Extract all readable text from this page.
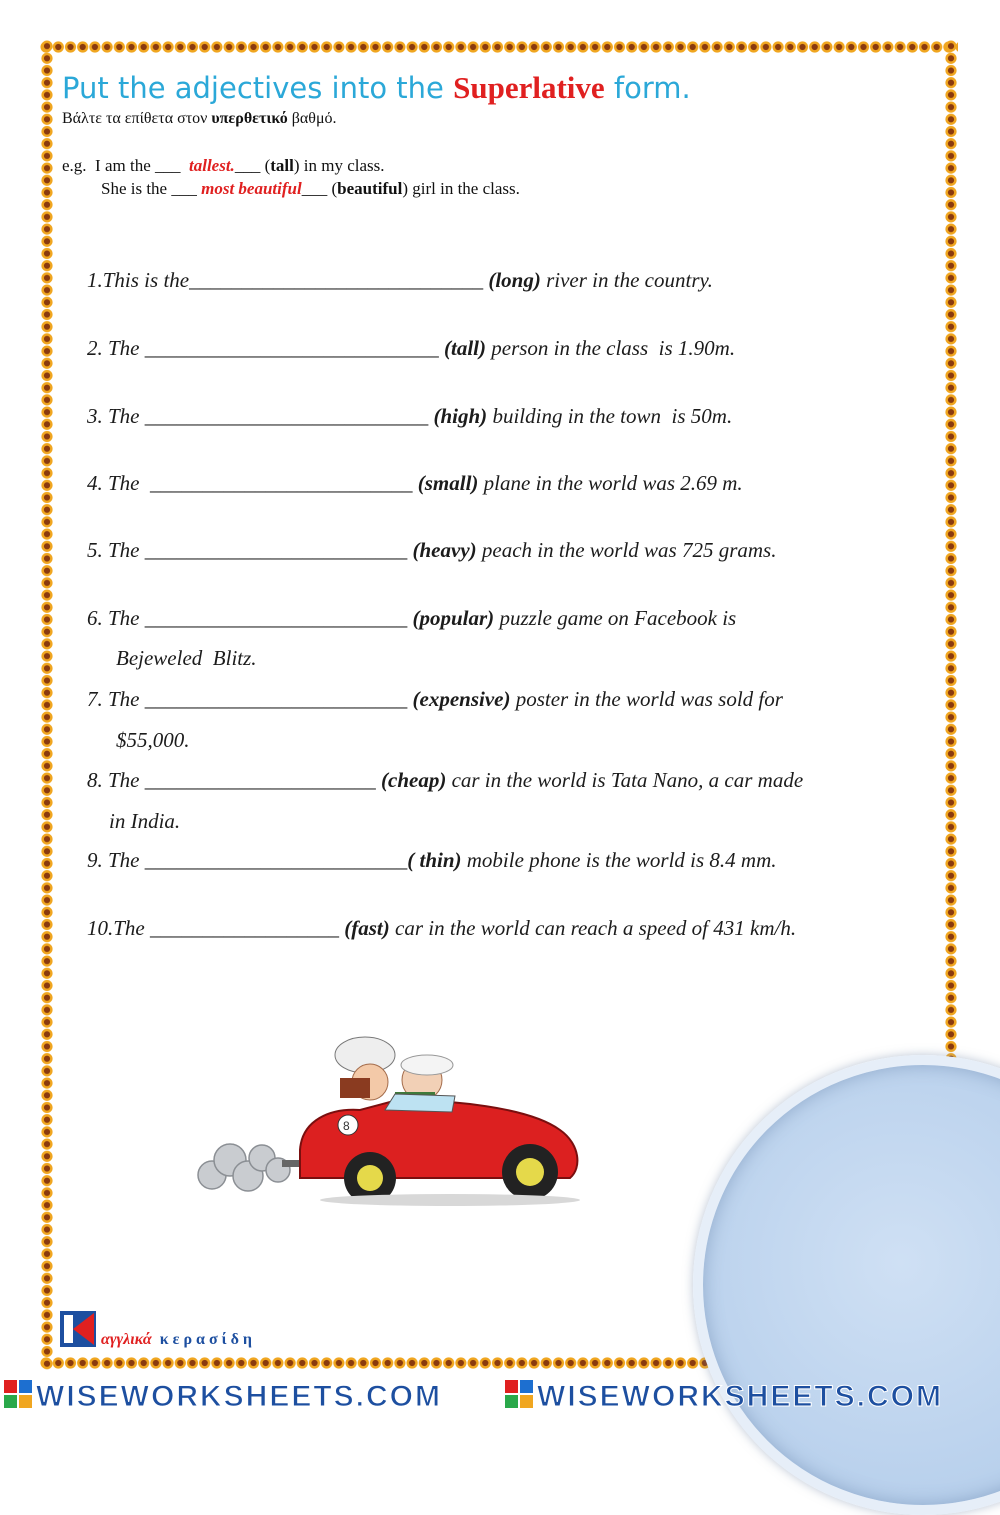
Put the adjectives into the Superlative form.
Βάλτε τα επίθετα στον υπερθετικό βαθμό.
e.g.  I am the ___  tallest.___ (tall) in my class.
She is the ___ most beautiful___ (beautiful) girl in the class.
1.This is the____________________________ (long) river in the country.
2. The ____________________________ (tall) person in the class  is 1.90m.
3. The ___________________________ (high) building in the town  is 50m.
4. The  _________________________ (small) plane in the world was 2.69 m.
5. The _________________________ (heavy) peach in the world was 725 grams.
6. The _________________________ (popular) puzzle game on Facebook is
Bejeweled  Blitz.
7. The _________________________ (expensive) poster in the world was sold for
$55,000.
8. The ______________________ (cheap) car in the world is Tata Nano, a car made
in India.
9. The _________________________( thin) mobile phone is the world is 8.4 mm.
10.The __________________ (fast) car in the world can reach a speed of 431 km/h.
8
αγγλικά κερασίδη
WISEWORKSHEETS.COM	WISEWORKSHEETS.COM
